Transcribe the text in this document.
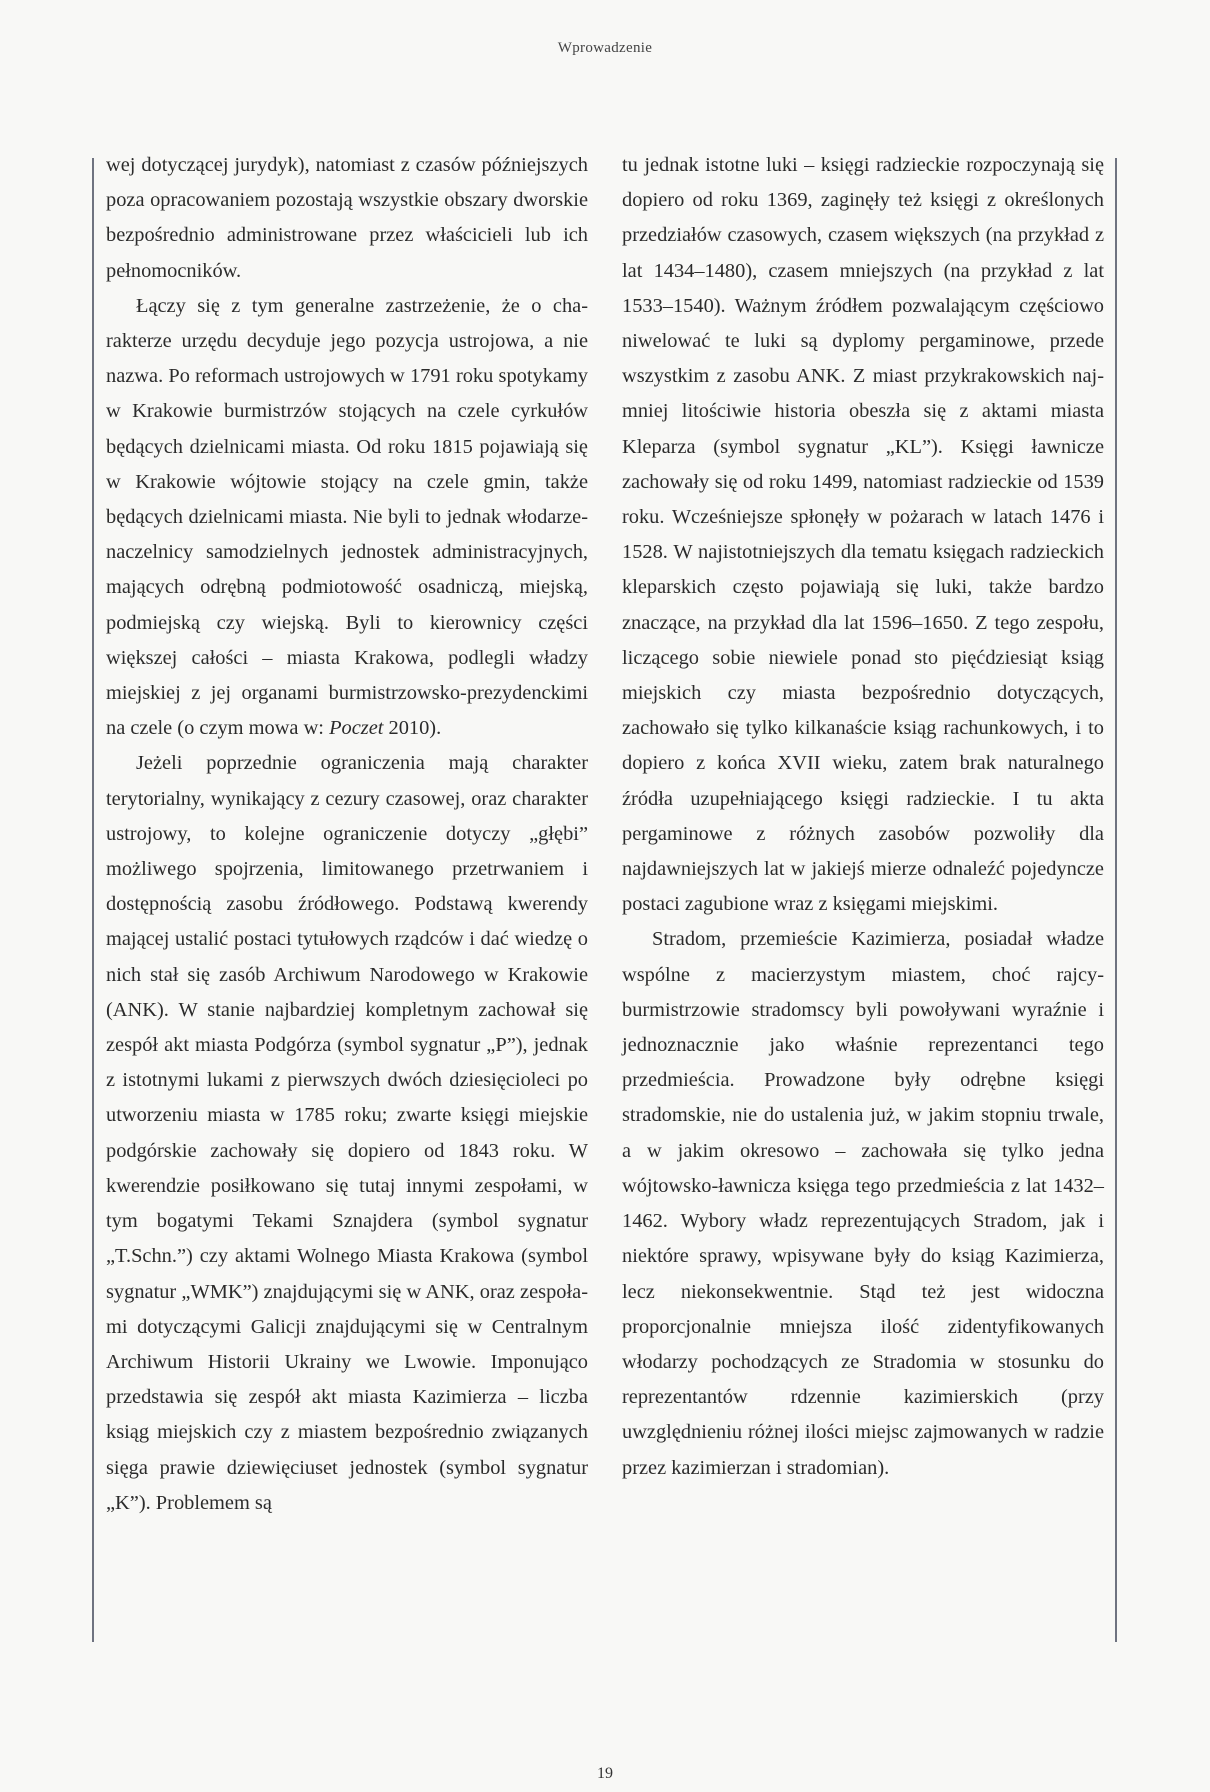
Wprowadzenie

wej dotyczącej jurydyk), natomiast z czasów późniejszych poza opracowaniem pozostają wszystkie obszary dworskie bezpośrednio administrowane przez właścicieli lub ich pełnomocników.

Łączy się z tym generalne zastrzeżenie, że o charakterze urzędu decyduje jego pozycja ustrojowa, a nie nazwa. Po reformach ustrojowych w 1791 roku spotykamy w Krakowie burmistrzów stojących na czele cyrkułów będących dzielnicami miasta. Od roku 1815 pojawiają się w Krakowie wójtowie stojący na czele gmin, także będących dzielnicami miasta. Nie byli to jednak włodarze-naczelnicy samodzielnych jednostek administracyjnych, mających odrębną podmiotowość osadniczą, miejską, podmiejską czy wiejską. Byli to kierownicy części większej całości – miasta Krakowa, podlegli władzy miejskiej z jej organami burmistrzowsko-prezydenckimi na czele (o czym mowa w: Poczet 2010).

Jeżeli poprzednie ograniczenia mają charakter terytorialny, wynikający z cezury czasowej, oraz charakter ustrojowy, to kolejne ograniczenie dotyczy „głębi” możliwego spojrzenia, limitowanego przetrwaniem i dostępnością zasobu źródłowego. Podstawą kwerendy mającej ustalić postaci tytułowych rządców i dać wiedzę o nich stał się zasób Archiwum Narodowego w Krakowie (ANK). W stanie najbardziej kompletnym zachował się zespół akt miasta Podgórza (symbol sygnatur „P”), jednak z istotnymi lukami z pierwszych dwóch dziesięcioleci po utworzeniu miasta w 1785 roku; zwarte księgi miejskie podgórskie zachowały się dopiero od 1843 roku. W kwerendzie posiłkowano się tutaj innymi zespołami, w tym bogatymi Tekami Sznajdera (symbol sygnatur „T.Schn.”) czy aktami Wolnego Miasta Krakowa (symbol sygnatur „WMK”) znajdującymi się w ANK, oraz zespołami dotyczącymi Galicji znajdującymi się w Centralnym Archiwum Historii Ukrainy we Lwowie. Imponująco przedstawia się zespół akt miasta Kazimierza – liczba ksiąg miejskich czy z miastem bezpośrednio związanych sięga prawie dziewięciuset jednostek (symbol sygnatur „K”). Problemem są

tu jednak istotne luki – księgi radzieckie rozpoczynają się dopiero od roku 1369, zaginęły też księgi z określonych przedziałów czasowych, czasem większych (na przykład z lat 1434–1480), czasem mniejszych (na przykład z lat 1533–1540). Ważnym źródłem pozwalającym częściowo niwelować te luki są dyplomy pergaminowe, przede wszystkim z zasobu ANK. Z miast przykrakowskich najmniej litościwie historia obeszła się z aktami miasta Kleparza (symbol sygnatur „KL”). Księgi ławnicze zachowały się od roku 1499, natomiast radzieckie od 1539 roku. Wcześniejsze spłonęły w pożarach w latach 1476 i 1528. W najistotniejszych dla tematu księgach radzieckich kleparskich często pojawiają się luki, także bardzo znaczące, na przykład dla lat 1596–1650. Z tego zespołu, liczącego sobie niewiele ponad sto pięćdziesiąt ksiąg miejskich czy miasta bezpośrednio dotyczących, zachowało się tylko kilkanaście ksiąg rachunkowych, i to dopiero z końca XVII wieku, zatem brak naturalnego źródła uzupełniającego księgi radzieckie. I tu akta pergaminowe z różnych zasobów pozwoliły dla najdawniejszych lat w jakiejś mierze odnaleźć pojedyncze postaci zagubione wraz z księgami miejskimi.

Stradom, przemieście Kazimierza, posiadał władze wspólne z macierzystym miastem, choć rajcy-burmistrzowie stradomscy byli powoływani wyraźnie i jednoznacznie jako właśnie reprezentanci tego przedmieścia. Prowadzone były odrębne księgi stradomskie, nie do ustalenia już, w jakim stopniu trwale, a w jakim okresowo – zachowała się tylko jedna wójtowsko-ławnicza księga tego przedmieścia z lat 1432–1462. Wybory władz reprezentujących Stradom, jak i niektóre sprawy, wpisywane były do ksiąg Kazimierza, lecz niekonsekwentnie. Stąd też jest widoczna proporcjonalnie mniejsza ilość zidentyfikowanych włodarzy pochodzących ze Stradomia w stosunku do reprezentantów rdzennie kazimierskich (przy uwzględnieniu różnej ilości miejsc zajmowanych w radzie przez kazimierzan i stradomian).

19
